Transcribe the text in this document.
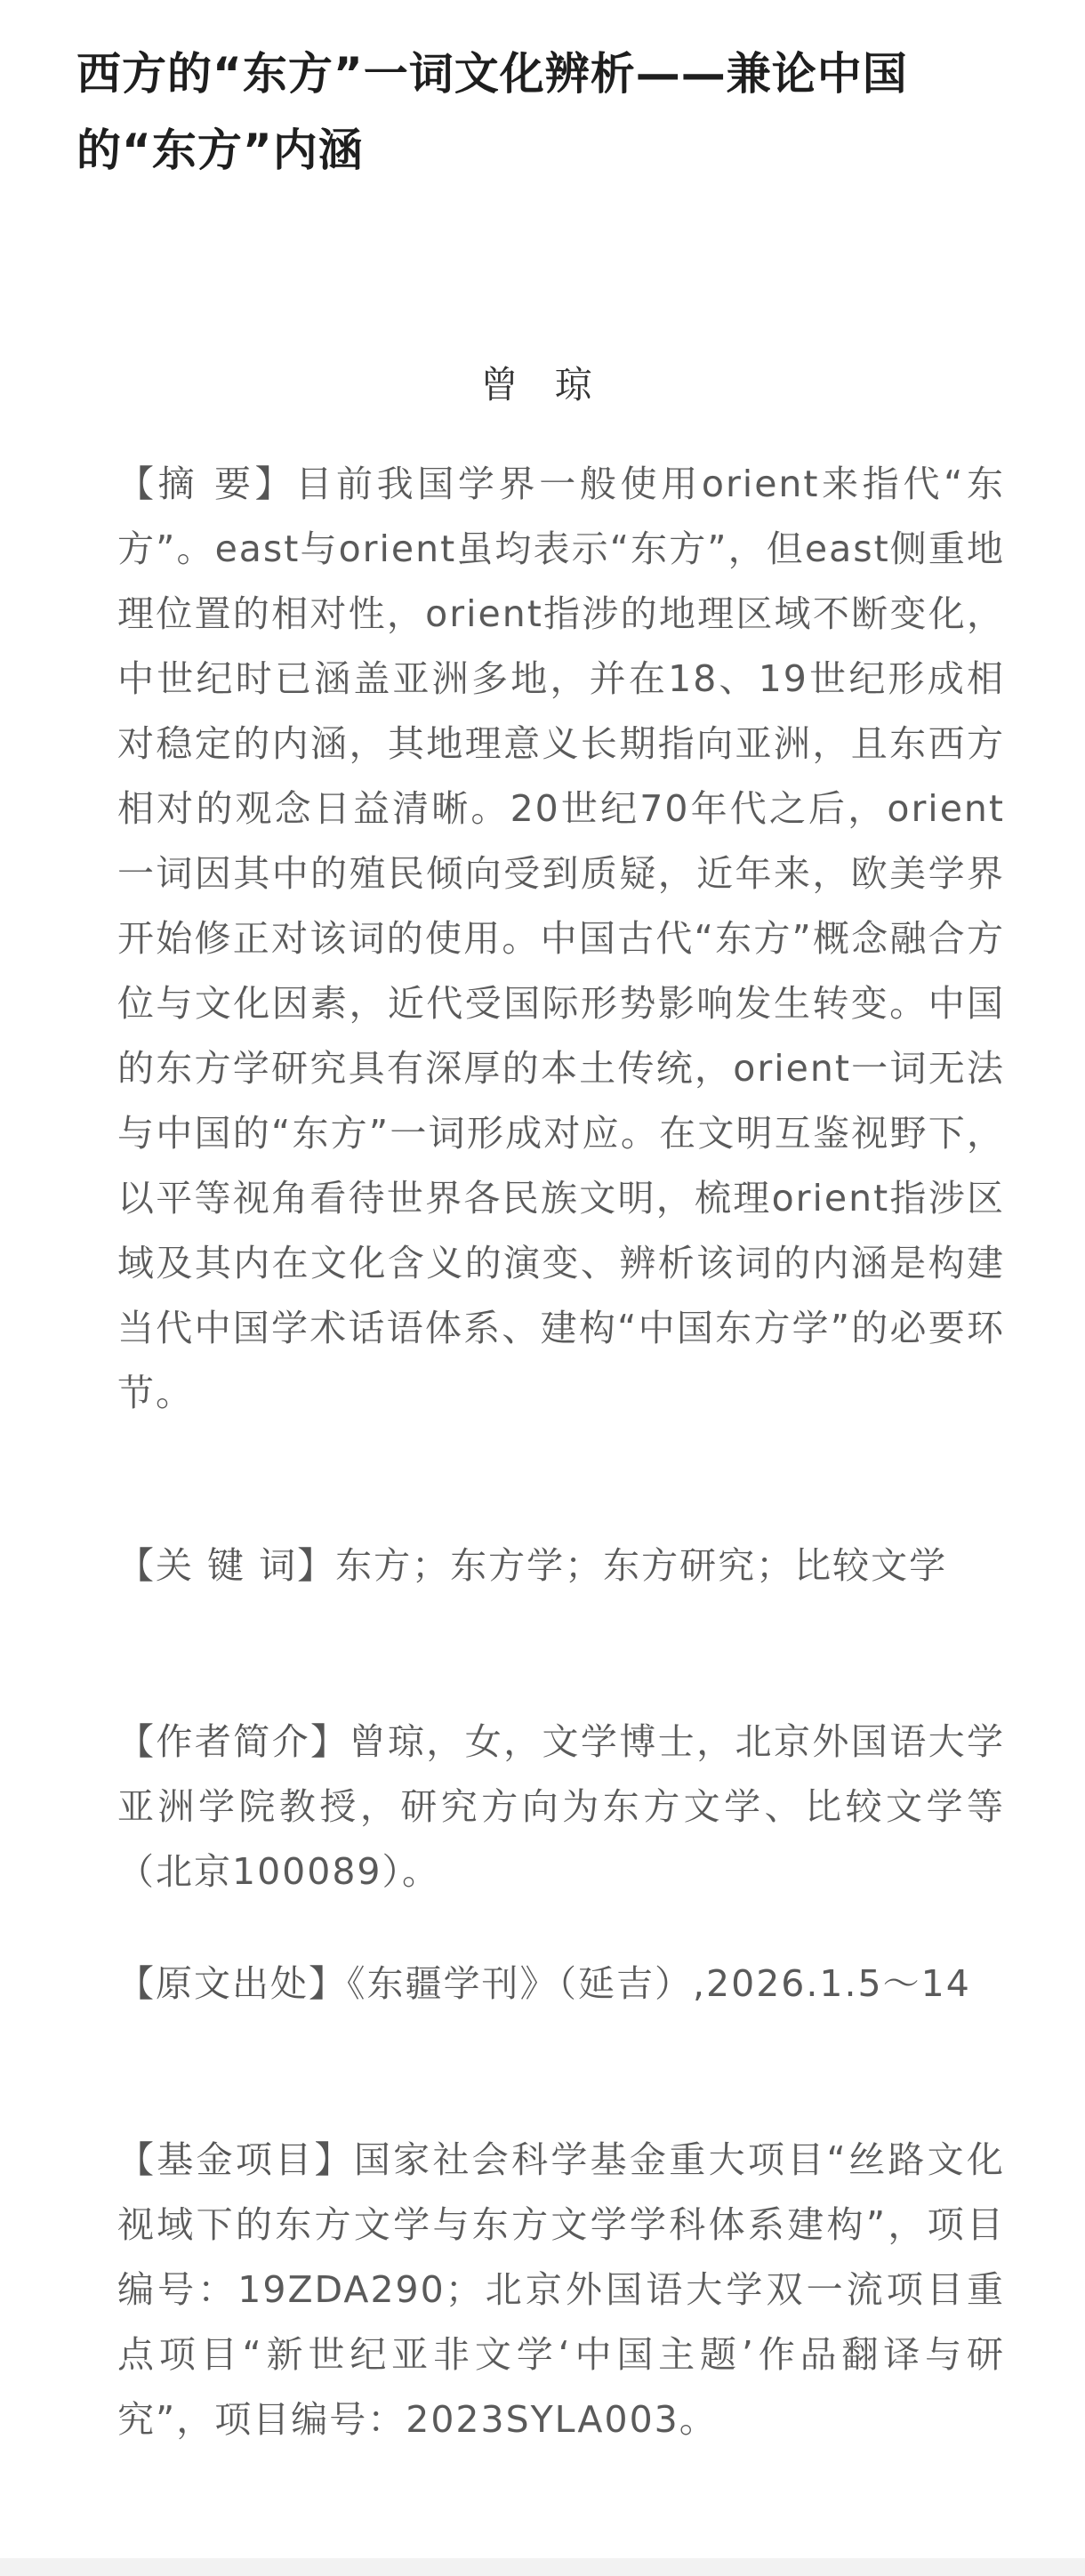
西方的“东方”一词文化辨析——兼论中国的“东方”内涵

曾 琼

【摘 要】目前我国学界一般使用orient来指代“东方”。east与orient虽均表示“东方”，但east侧重地理位置的相对性，orient指涉的地理区域不断变化，中世纪时已涵盖亚洲多地，并在18、19世纪形成相对稳定的内涵，其地理意义长期指向亚洲，且东西方相对的观念日益清晰。20世纪70年代之后，orient一词因其中的殖民倾向受到质疑，近年来，欧美学界开始修正对该词的使用。中国古代“东方”概念融合方位与文化因素，近代受国际形势影响发生转变。中国的东方学研究具有深厚的本土传统，orient一词无法与中国的“东方”一词形成对应。在文明互鉴视野下，以平等视角看待世界各民族文明，梳理orient指涉区域及其内在文化含义的演变、辨析该词的内涵是构建当代中国学术话语体系、建构“中国东方学”的必要环节。

【关 键 词】东方；东方学；东方研究；比较文学

【作者简介】曾琼，女，文学博士，北京外国语大学亚洲学院教授，研究方向为东方文学、比较文学等（北京100089）。

【原文出处】《东疆学刊》（延吉）,2026.1.5～14

【基金项目】国家社会科学基金重大项目“丝路文化视域下的东方文学与东方文学学科体系建构”，项目编号：19ZDA290；北京外国语大学双一流项目重点项目“新世纪亚非文学‘中国主题’作品翻译与研究”，项目编号：2023SYLA003。
